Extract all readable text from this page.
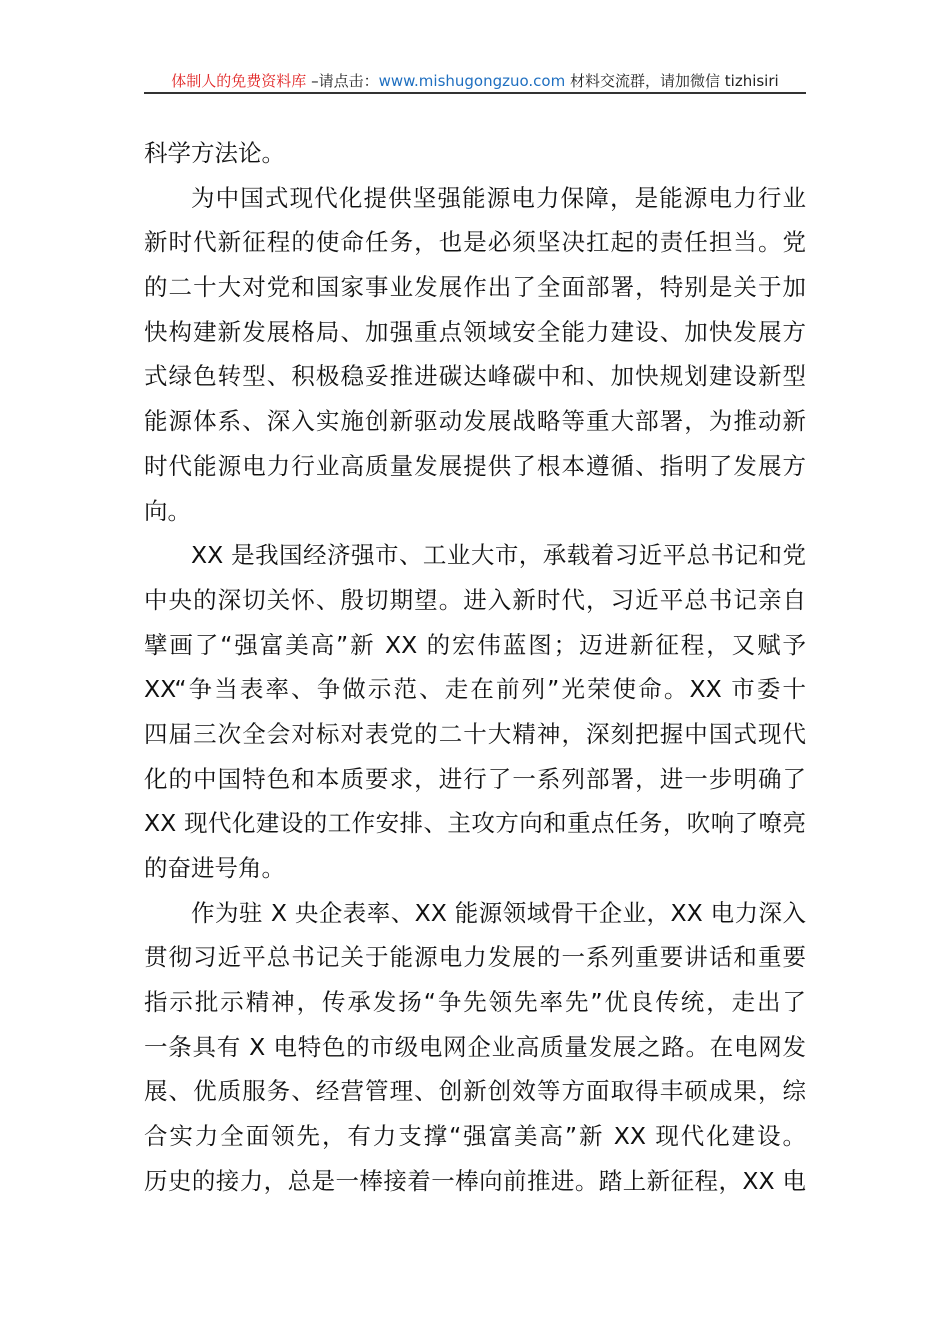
体制人的免费资料库 –请点击：www.mishugongzuo.com 材料交流群，请加微信 tizhisiri
科学方法论。
为中国式现代化提供坚强能源电力保障，是能源电力行业
新时代新征程的使命任务，也是必须坚决扛起的责任担当。党
的二十大对党和国家事业发展作出了全面部署，特别是关于加
快构建新发展格局、加强重点领域安全能力建设、加快发展方
式绿色转型、积极稳妥推进碳达峰碳中和、加快规划建设新型
能源体系、深入实施创新驱动发展战略等重大部署，为推动新
时代能源电力行业高质量发展提供了根本遵循、指明了发展方
向。
XX 是我国经济强市、工业大市，承载着习近平总书记和党
中央的深切关怀、殷切期望。进入新时代，习近平总书记亲自
擘画了“强富美高”新 XX 的宏伟蓝图；迈进新征程，又赋予
XX“争当表率、争做示范、走在前列”光荣使命。XX 市委十
四届三次全会对标对表党的二十大精神，深刻把握中国式现代
化的中国特色和本质要求，进行了一系列部署，进一步明确了
XX 现代化建设的工作安排、主攻方向和重点任务，吹响了嘹亮
的奋进号角。
作为驻 X 央企表率、XX 能源领域骨干企业，XX 电力深入
贯彻习近平总书记关于能源电力发展的一系列重要讲话和重要
指示批示精神，传承发扬“争先领先率先”优良传统，走出了
一条具有 X 电特色的市级电网企业高质量发展之路。在电网发
展、优质服务、经营管理、创新创效等方面取得丰硕成果，综
合实力全面领先，有力支撑“强富美高”新 XX 现代化建设。
历史的接力，总是一棒接着一棒向前推进。踏上新征程，XX 电
